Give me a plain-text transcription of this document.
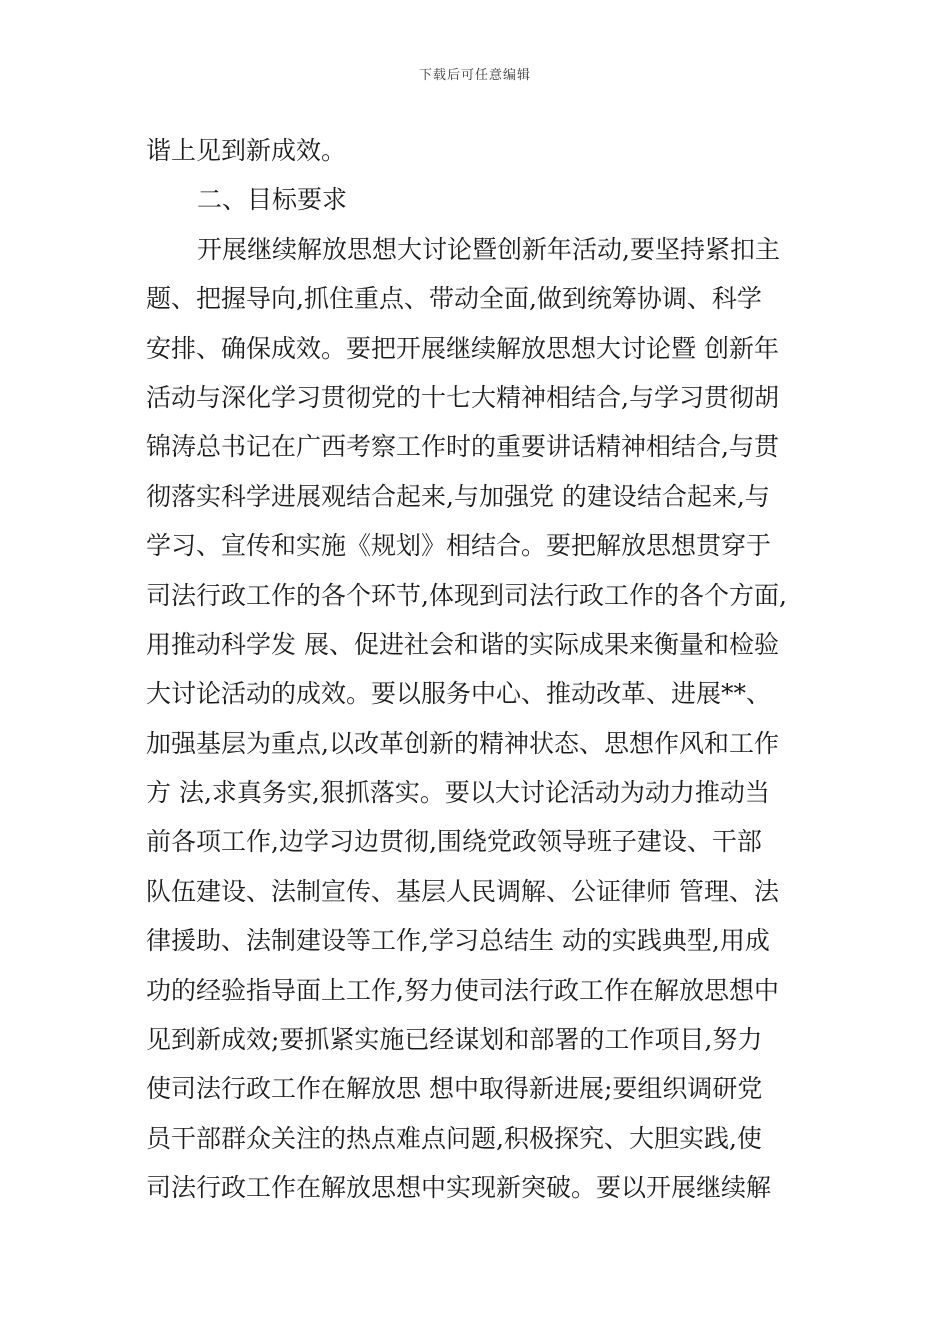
下载后可任意编辑
谐上见到新成效。
二、目标要求
开展继续解放思想大讨论暨创新年活动,要坚持紧扣主
题、把握导向,抓住重点、带动全面,做到统筹协调、科学
安排、确保成效。要把开展继续解放思想大讨论暨 创新年
活动与深化学习贯彻党的十七大精神相结合,与学习贯彻胡
锦涛总书记在广西考察工作时的重要讲话精神相结合,与贯
彻落实科学进展观结合起来,与加强党 的建设结合起来,与
学习、宣传和实施《规划》相结合。要把解放思想贯穿于
司法行政工作的各个环节,体现到司法行政工作的各个方面,
用推动科学发 展、促进社会和谐的实际成果来衡量和检验
大讨论活动的成效。要以服务中心、推动改革、进展**、
加强基层为重点,以改革创新的精神状态、思想作风和工作
方 法,求真务实,狠抓落实。要以大讨论活动为动力推动当
前各项工作,边学习边贯彻,围绕党政领导班子建设、干部
队伍建设、法制宣传、基层人民调解、公证律师 管理、法
律援助、法制建设等工作,学习总结生 动的实践典型,用成
功的经验指导面上工作,努力使司法行政工作在解放思想中
见到新成效;要抓紧实施已经谋划和部署的工作项目,努力
使司法行政工作在解放思 想中取得新进展;要组织调研党
员干部群众关注的热点难点问题,积极探究、大胆实践,使
司法行政工作在解放思想中实现新突破。要以开展继续解
